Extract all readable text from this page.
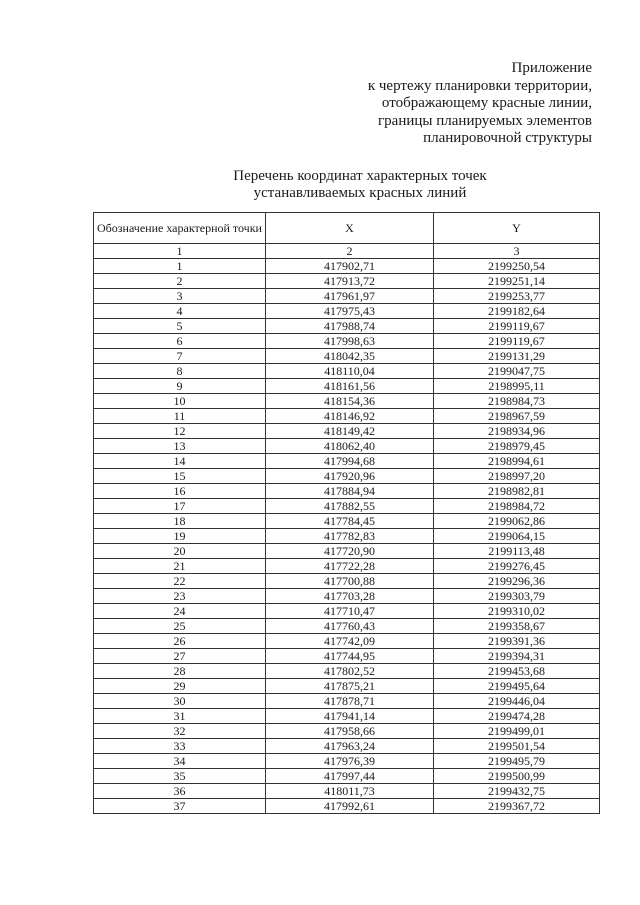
Приложение
к чертежу планировки территории,
отображающему красные линии,
границы планируемых элементов
планировочной структуры
Перечень координат характерных точек
устанавливаемых красных линий
Обозначение характерной точки	X	Y
1	2	3
1	417902,71	2199250,54
2	417913,72	2199251,14
3	417961,97	2199253,77
4	417975,43	2199182,64
5	417988,74	2199119,67
6	417998,63	2199119,67
7	418042,35	2199131,29
8	418110,04	2199047,75
9	418161,56	2198995,11
10	418154,36	2198984,73
11	418146,92	2198967,59
12	418149,42	2198934,96
13	418062,40	2198979,45
14	417994,68	2198994,61
15	417920,96	2198997,20
16	417884,94	2198982,81
17	417882,55	2198984,72
18	417784,45	2199062,86
19	417782,83	2199064,15
20	417720,90	2199113,48
21	417722,28	2199276,45
22	417700,88	2199296,36
23	417703,28	2199303,79
24	417710,47	2199310,02
25	417760,43	2199358,67
26	417742,09	2199391,36
27	417744,95	2199394,31
28	417802,52	2199453,68
29	417875,21	2199495,64
30	417878,71	2199446,04
31	417941,14	2199474,28
32	417958,66	2199499,01
33	417963,24	2199501,54
34	417976,39	2199495,79
35	417997,44	2199500,99
36	418011,73	2199432,75
37	417992,61	2199367,72
